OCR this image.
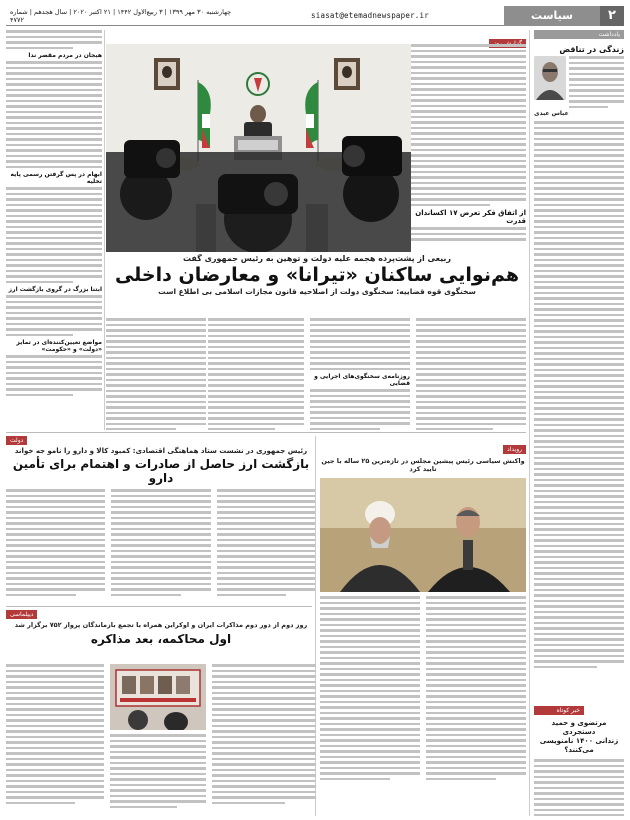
۲
سیاست
siasat@etemadnewspaper.ir
چهارشنبه ۳۰ مهر ۱۳۹۹ | ۳ ربیع‌الاول ۱۴۴۲ | ۲۱ اکتبر ۲۰۲۰ | سال هجدهم | شماره ۴۷۷۲
یادداشت
زندگی در تناقض
عباس عبدی
خبر کوتاه
مرتضوی و حمید دستجردی
زندانی ۱۴۰۰ نامنویسی می‌کنند؟
از اتفاق فکر تعرض ۱۷ اکساندان قدرت
ربیعی از پشت‌پرده هجمه علیه دولت و توهین به رئیس جمهوری گفت
هم‌نوایی ساکنان «تیرانا» و معارضان داخلی
سخنگوی قوه قضاییه: سخنگوی دولت از اصلاحیه قانون مجازات اسلامی بی اطلاع است
روزنامه‌ی سخنگوی‌های اجرایی و قضایی
هیجان در مردم مقصر ندا
ابهام در پس گرفتن رسمی پایه تخلیه
ابتنا بزرگ در گروی بازگشت ارز
مواضع تعیین‌کننده‌ای در تمایز «دولت» و «حکومت»
دولت
رئیس جمهوری در نشست ستاد هماهنگی اقتصادی: کمبود کالا و دارو را نامو جه خواند
بازگشت ارز حاصل از صادرات و اهتمام برای تأمین دارو
رویداد
واکنش سیاسی رئیس پیشین مجلس در تازه‌ترین ۲۵ ساله با جین تایید کرد
دیپلماسی
روز دوم از دور دوم مذاکرات ایران و اوکراین همراه با تجمع بازماندگان پرواز ۷۵۲ برگزار شد
اول محاکمه، بعد مذاکره
